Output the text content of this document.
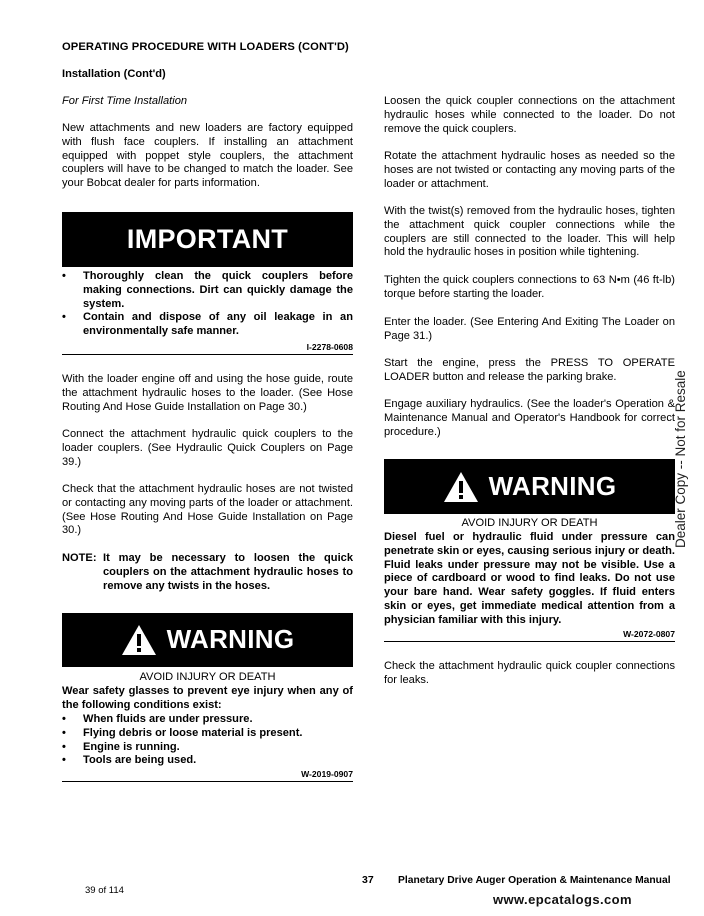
OPERATING PROCEDURE WITH LOADERS (CONT'D)
Installation (Cont'd)
For First Time Installation

New attachments and new loaders are factory equipped with flush face couplers. If installing an attachment equipped with poppet style couplers, the attachment couplers will have to be changed to match the loader. See your Bobcat dealer for parts information.

IMPORTANT
• Thoroughly clean the quick couplers before making connections. Dirt can quickly damage the system.
• Contain and dispose of any oil leakage in an environmentally safe manner.
I-2278-0608

With the loader engine off and using the hose guide, route the attachment hydraulic hoses to the loader. (See Hose Routing And Hose Guide Installation on Page 30.)

Connect the attachment hydraulic quick couplers to the loader couplers. (See Hydraulic Quick Couplers on Page 39.)

Check that the attachment hydraulic hoses are not twisted or contacting any moving parts of the loader or attachment. (See Hose Routing And Hose Guide Installation on Page 30.)

NOTE: It may be necessary to loosen the quick couplers on the attachment hydraulic hoses to remove any twists in the hoses.
WARNING
AVOID INJURY OR DEATH

Wear safety glasses to prevent eye injury when any of the following conditions exist:

• When fluids are under pressure.
• Flying debris or loose material is present.
• Engine is running.
• Tools are being used.
W-2019-0907

Loosen the quick coupler connections on the attachment hydraulic hoses while connected to the loader. Do not remove the quick couplers.

Rotate the attachment hydraulic hoses as needed so the hoses are not twisted or contacting any moving parts of the loader or attachment.

With the twist(s) removed from the hydraulic hoses, tighten the attachment quick coupler connections while the couplers are still connected to the loader. This will help hold the hydraulic hoses in position while tightening.

Tighten the quick couplers connections to 63 N•m (46 ft-lb) torque before starting the loader.

Enter the loader. (See Entering And Exiting The Loader on Page 31.)

Start the engine, press the PRESS TO OPERATE LOADER button and release the parking brake.

Engage auxiliary hydraulics. (See the loader's Operation & Maintenance Manual and Operator's Handbook for correct procedure.)

WARNING
AVOID INJURY OR DEATH

Diesel fuel or hydraulic fluid under pressure can penetrate skin or eyes, causing serious injury or death. Fluid leaks under pressure may not be visible. Use a piece of cardboard or wood to find leaks. Do not use your bare hand. Wear safety goggles. If fluid enters skin or eyes, get immediate medical attention from a physician familiar with this injury.

W-2072-0807

Check the attachment hydraulic quick coupler connections for leaks.

Dealer Copy -- Not for Resale
37 Planetary Drive Auger Operation & Maintenance Manual
39 of 114
www.epcatalogs.com
